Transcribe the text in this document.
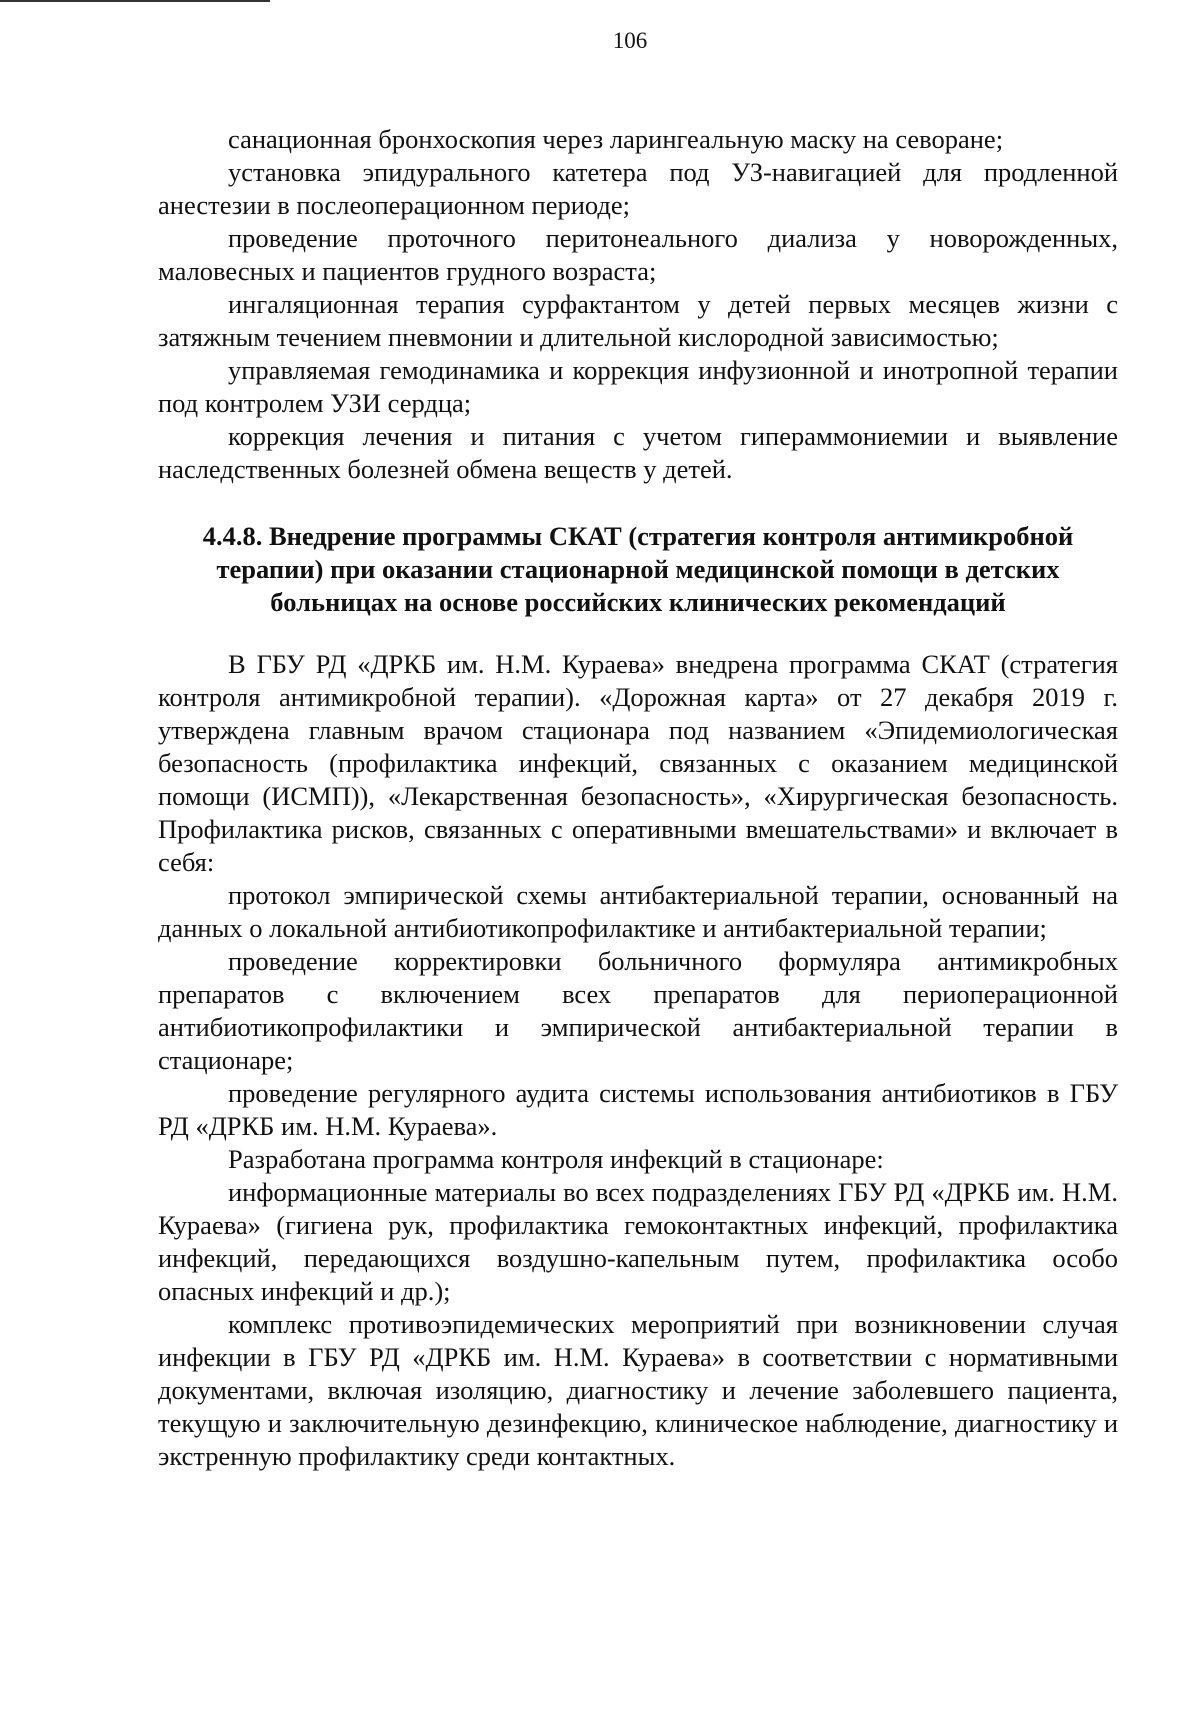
106

санационная бронхоскопия через ларингеальную маску на севоране;

установка эпидурального катетера под УЗ-навигацией для продленной анестезии в послеоперационном периоде;

проведение проточного перитонеального диализа у новорожденных, маловесных и пациентов грудного возраста;

ингаляционная терапия сурфактантом у детей первых месяцев жизни с затяжным течением пневмонии и длительной кислородной зависимостью;

управляемая гемодинамика и коррекция инфузионной и инотропной терапии под контролем УЗИ сердца;

коррекция лечения и питания с учетом гипераммониемии и выявление наследственных болезней обмена веществ у детей.

4.4.8. Внедрение программы СКАТ (стратегия контроля антимикробной
терапии) при оказании стационарной медицинской помощи в детских
больницах на основе российских клинических рекомендаций

В ГБУ РД «ДРКБ им. Н.М. Кураева» внедрена программа СКАТ (стратегия контроля антимикробной терапии). «Дорожная карта» от 27 декабря 2019 г. утверждена главным врачом стационара под названием «Эпидемиологическая безопасность (профилактика инфекций, связанных с оказанием медицинской помощи (ИСМП)), «Лекарственная безопасность», «Хирургическая безопасность. Профилактика рисков, связанных с оперативными вмешательствами» и включает в себя:

протокол эмпирической схемы антибактериальной терапии, основанный на данных о локальной антибиотикопрофилактике и антибактериальной терапии;

проведение корректировки больничного формуляра антимикробных препаратов с включением всех препаратов для периоперационной антибиотикопрофилактики и эмпирической антибактериальной терапии в стационаре;

проведение регулярного аудита системы использования антибиотиков в ГБУ РД «ДРКБ им. Н.М. Кураева».

Разработана программа контроля инфекций в стационаре:

информационные материалы во всех подразделениях ГБУ РД «ДРКБ им. Н.М. Кураева» (гигиена рук, профилактика гемоконтактных инфекций, профилактика инфекций, передающихся воздушно-капельным путем, профилактика особо опасных инфекций и др.);

комплекс противоэпидемических мероприятий при возникновении случая инфекции в ГБУ РД «ДРКБ им. Н.М. Кураева» в соответствии с нормативными документами, включая изоляцию, диагностику и лечение заболевшего пациента, текущую и заключительную дезинфекцию, клиническое наблюдение, диагностику и экстренную профилактику среди контактных.
